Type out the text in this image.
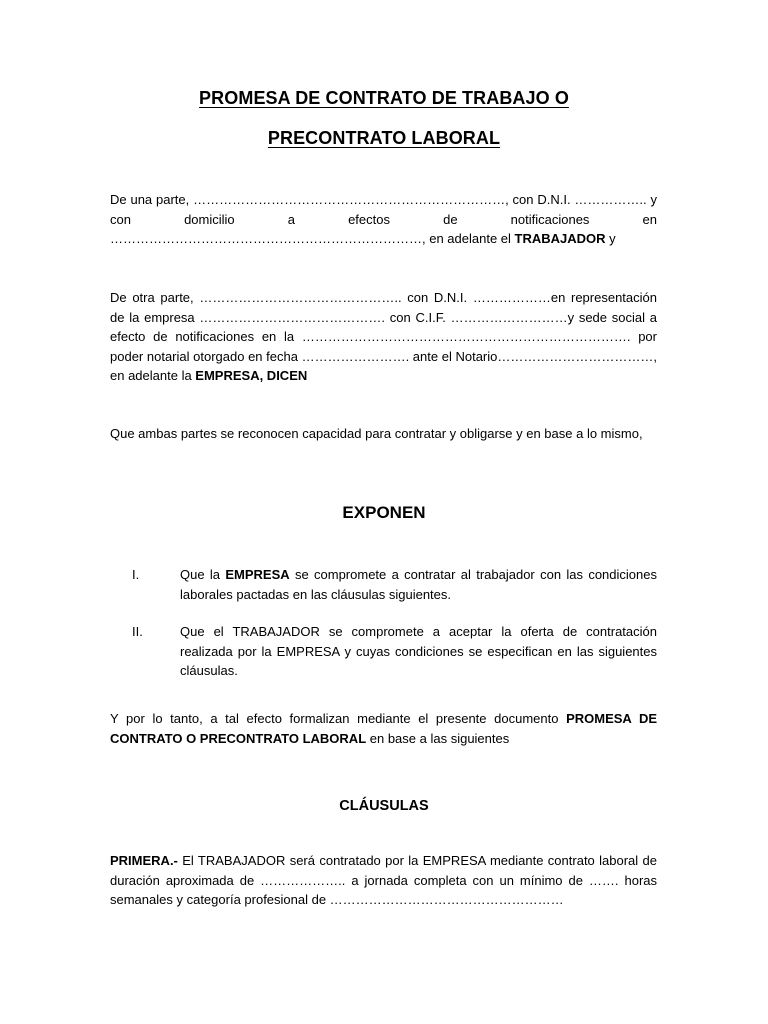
PROMESA DE CONTRATO DE TRABAJO O
PRECONTRATO LABORAL
De una parte, ………………………………………………………………, con D.N.I. …………….. y con domicilio a efectos de notificaciones en ………………………………………………………………, en adelante el TRABAJADOR y
De otra parte, ……………………………………….. con D.N.I. ………………en representación de la empresa ……………………………………. con C.I.F. ………………………y sede social a efecto de notificaciones en la …………………………………………………………………. por poder notarial otorgado en fecha ……………………. ante el Notario………………………………, en adelante la EMPRESA, DICEN
Que ambas partes se reconocen capacidad para contratar y obligarse y en base a lo mismo,
EXPONEN
I.	Que la EMPRESA se compromete a contratar al trabajador con las condiciones laborales pactadas en las cláusulas siguientes.
II.	Que el TRABAJADOR se compromete a aceptar la oferta de contratación realizada por la EMPRESA y cuyas condiciones se especifican en las siguientes cláusulas.
Y por lo tanto, a tal efecto formalizan mediante el presente documento PROMESA DE CONTRATO O PRECONTRATO LABORAL en base a las siguientes
CLÁUSULAS
PRIMERA.- El TRABAJADOR será contratado por la EMPRESA mediante contrato laboral de duración aproximada de ……………….. a jornada completa con un mínimo de ……. horas semanales y categoría profesional de ………………………………………………
